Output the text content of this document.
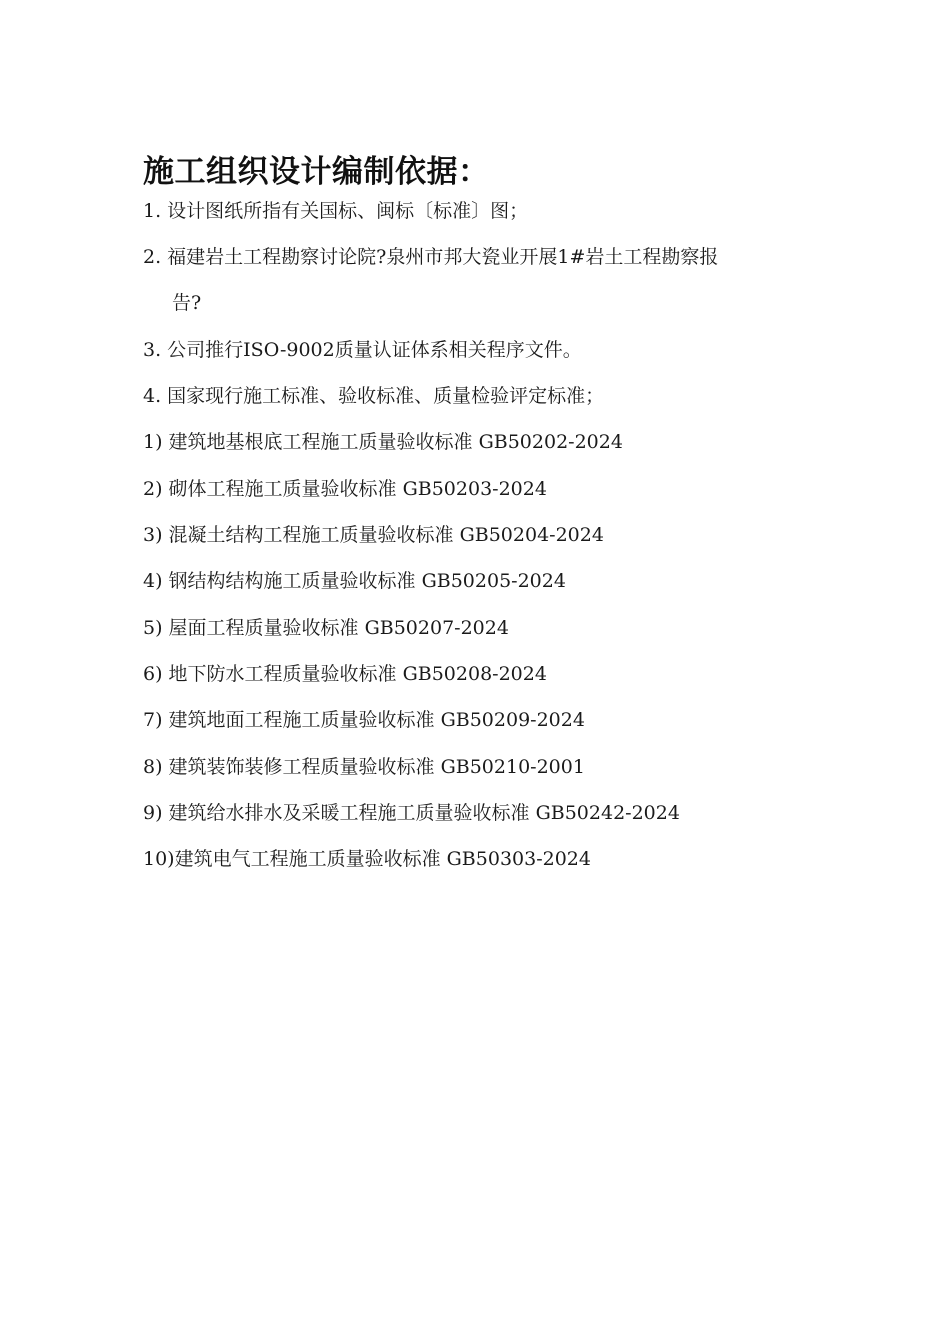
施工组织设计编制依据：
1. 设计图纸所指有关国标、闽标〔标准〕图；
2. 福建岩土工程勘察讨论院?泉州市邦大瓷业开展1#岩土工程勘察报
告?
3. 公司推行ISO-9002质量认证体系相关程序文件。
4. 国家现行施工标准、验收标准、质量检验评定标准；
1) 建筑地基根底工程施工质量验收标准 GB50202-2024
2) 砌体工程施工质量验收标准 GB50203-2024
3) 混凝土结构工程施工质量验收标准 GB50204-2024
4) 钢结构结构施工质量验收标准 GB50205-2024
5) 屋面工程质量验收标准 GB50207-2024
6) 地下防水工程质量验收标准 GB50208-2024
7) 建筑地面工程施工质量验收标准 GB50209-2024
8) 建筑装饰装修工程质量验收标准 GB50210-2001
9) 建筑给水排水及采暖工程施工质量验收标准 GB50242-2024
10)建筑电气工程施工质量验收标准 GB50303-2024
